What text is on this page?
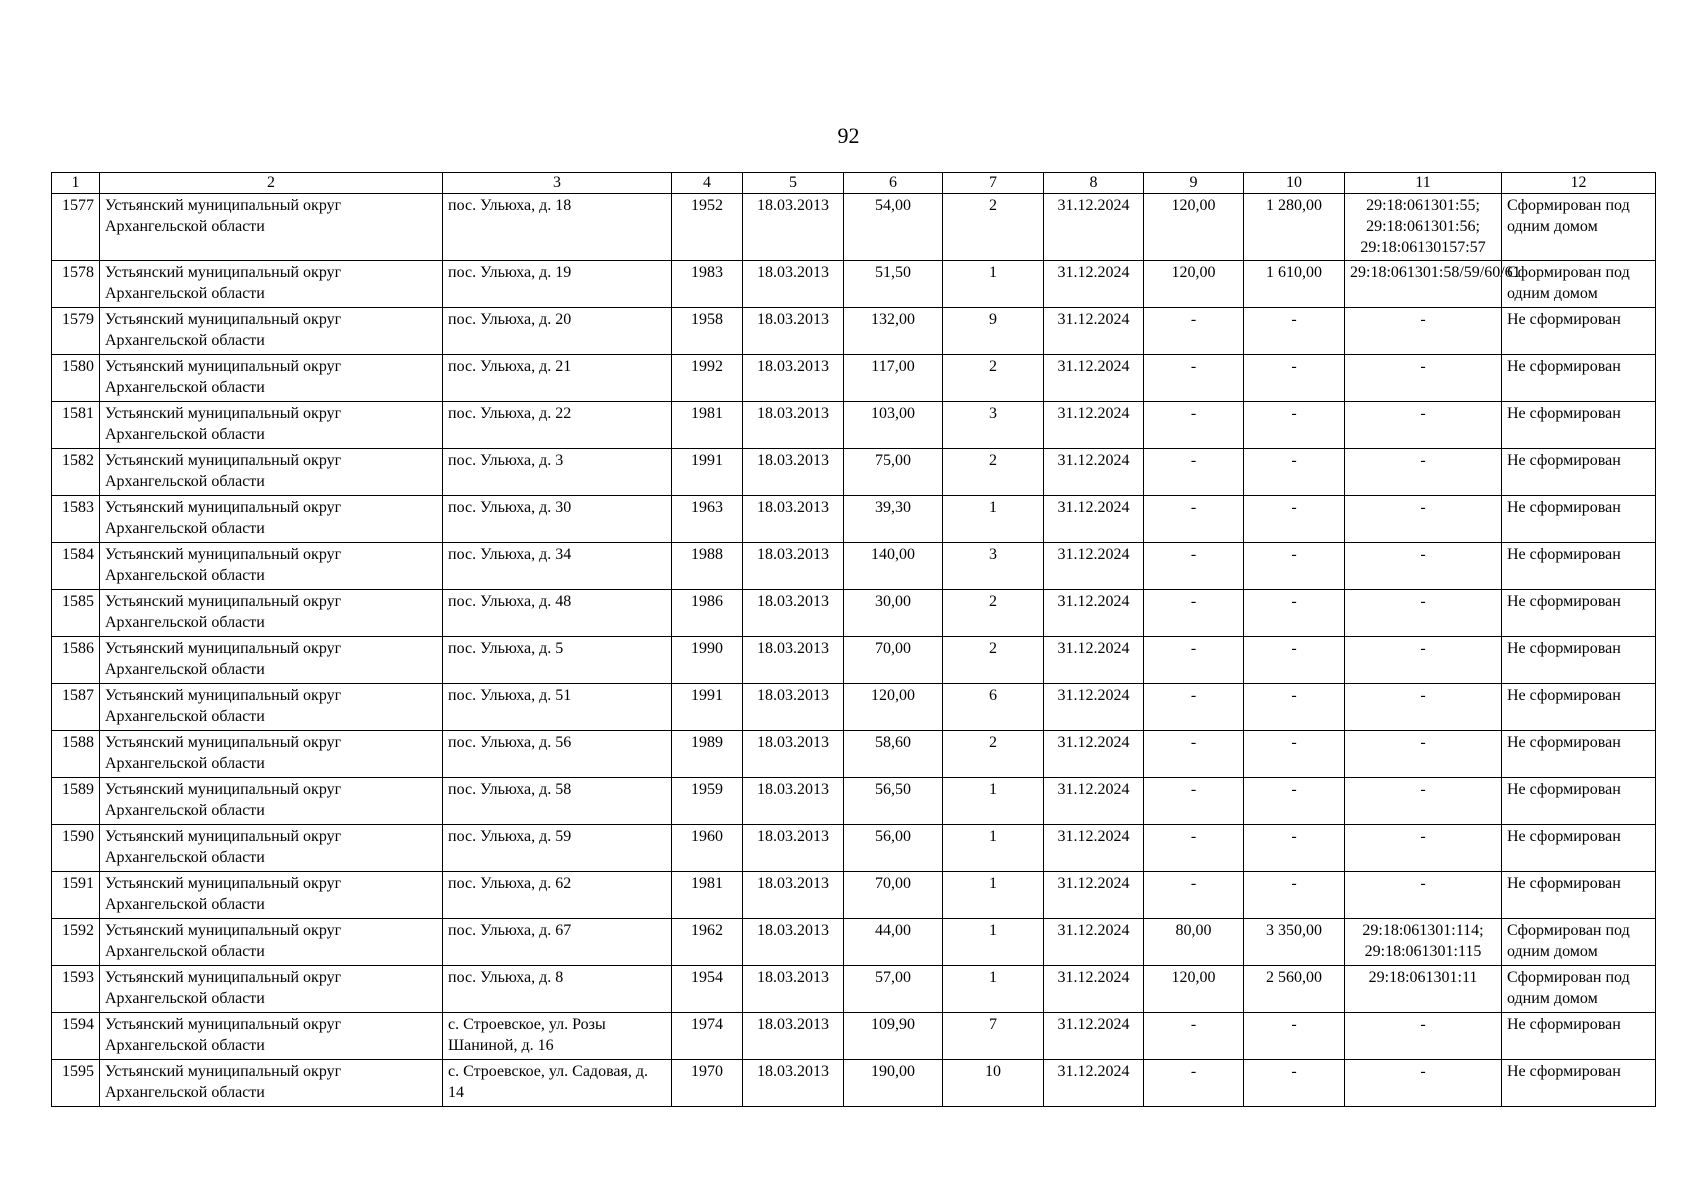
92
1	2	3	4	5	6	7	8	9	10	11	12
1577	Устьянский муниципальный округ Архангельской области	пос. Ульюха, д. 18	1952	18.03.2013	54,00	2	31.12.2024	120,00	1 280,00	29:18:061301:55; 29:18:061301:56; 29:18:06130157:57	Сформирован под одним домом
1578	Устьянский муниципальный округ Архангельской области	пос. Ульюха, д. 19	1983	18.03.2013	51,50	1	31.12.2024	120,00	1 610,00	29:18:061301:58/59/60/61	Сформирован под одним домом
1579	Устьянский муниципальный округ Архангельской области	пос. Ульюха, д. 20	1958	18.03.2013	132,00	9	31.12.2024	-	-	-	Не сформирован
1580	Устьянский муниципальный округ Архангельской области	пос. Ульюха, д. 21	1992	18.03.2013	117,00	2	31.12.2024	-	-	-	Не сформирован
1581	Устьянский муниципальный округ Архангельской области	пос. Ульюха, д. 22	1981	18.03.2013	103,00	3	31.12.2024	-	-	-	Не сформирован
1582	Устьянский муниципальный округ Архангельской области	пос. Ульюха, д. 3	1991	18.03.2013	75,00	2	31.12.2024	-	-	-	Не сформирован
1583	Устьянский муниципальный округ Архангельской области	пос. Ульюха, д. 30	1963	18.03.2013	39,30	1	31.12.2024	-	-	-	Не сформирован
1584	Устьянский муниципальный округ Архангельской области	пос. Ульюха, д. 34	1988	18.03.2013	140,00	3	31.12.2024	-	-	-	Не сформирован
1585	Устьянский муниципальный округ Архангельской области	пос. Ульюха, д. 48	1986	18.03.2013	30,00	2	31.12.2024	-	-	-	Не сформирован
1586	Устьянский муниципальный округ Архангельской области	пос. Ульюха, д. 5	1990	18.03.2013	70,00	2	31.12.2024	-	-	-	Не сформирован
1587	Устьянский муниципальный округ Архангельской области	пос. Ульюха, д. 51	1991	18.03.2013	120,00	6	31.12.2024	-	-	-	Не сформирован
1588	Устьянский муниципальный округ Архангельской области	пос. Ульюха, д. 56	1989	18.03.2013	58,60	2	31.12.2024	-	-	-	Не сформирован
1589	Устьянский муниципальный округ Архангельской области	пос. Ульюха, д. 58	1959	18.03.2013	56,50	1	31.12.2024	-	-	-	Не сформирован
1590	Устьянский муниципальный округ Архангельской области	пос. Ульюха, д. 59	1960	18.03.2013	56,00	1	31.12.2024	-	-	-	Не сформирован
1591	Устьянский муниципальный округ Архангельской области	пос. Ульюха, д. 62	1981	18.03.2013	70,00	1	31.12.2024	-	-	-	Не сформирован
1592	Устьянский муниципальный округ Архангельской области	пос. Ульюха, д. 67	1962	18.03.2013	44,00	1	31.12.2024	80,00	3 350,00	29:18:061301:114; 29:18:061301:115	Сформирован под одним домом
1593	Устьянский муниципальный округ Архангельской области	пос. Ульюха, д. 8	1954	18.03.2013	57,00	1	31.12.2024	120,00	2 560,00	29:18:061301:11	Сформирован под одним домом
1594	Устьянский муниципальный округ Архангельской области	с. Строевское, ул. Розы Шаниной, д. 16	1974	18.03.2013	109,90	7	31.12.2024	-	-	-	Не сформирован
1595	Устьянский муниципальный округ Архангельской области	с. Строевское, ул. Садовая, д. 14	1970	18.03.2013	190,00	10	31.12.2024	-	-	-	Не сформирован
